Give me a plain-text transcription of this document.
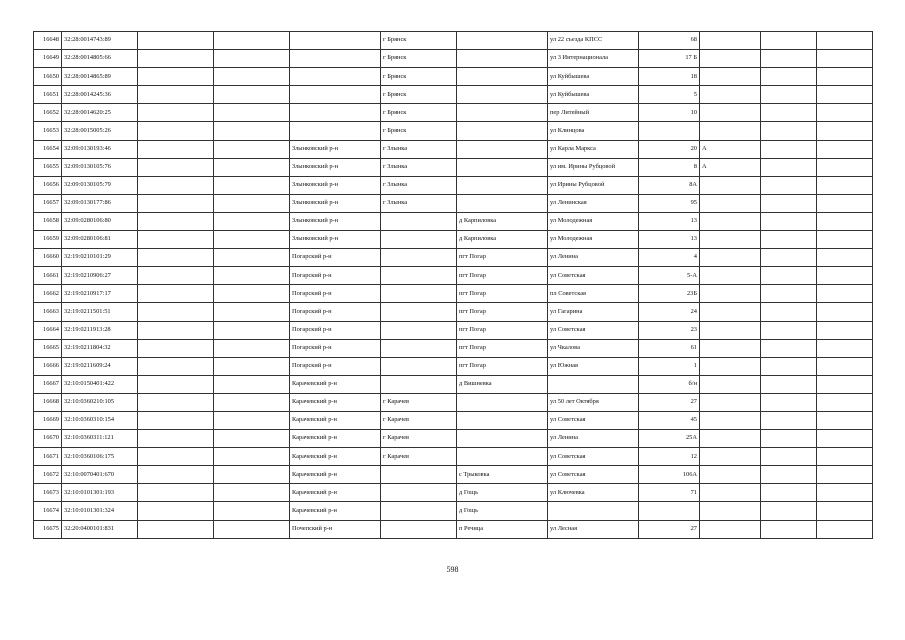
16648	32:28:0014743:89				г Брянск		ул 22 съезда КПСС	68			
16649	32:28:0014805:66				г Брянск		ул 3 Интернационала	17 Б			
16650	32:28:0014865:89				г Брянск		ул Куйбышева	18			
16651	32:28:0014245:36				г Брянск		ул Куйбышева	5			
16652	32:28:0014620:25				г Брянск		пер Литейный	10			
16653	32:28:0015005:26				г Брянск		ул Клинцова				
16654	32:09:0130193:46			Злынковский р-н	г Злынка		ул Карла Маркса	20	А		
16655	32:09:0130105:76			Злынковский р-н	г Злынка		ул им. Ирины Рубцовой	8	А		
16656	32:09:0130105:79			Злынковский р-н	г Злынка		ул Ирины Рубцовой	8А			
16657	32:09:0130177:86			Злынковский р-н	г Злынка		ул Ленинская	95			
16658	32:09:0280106:80			Злынковский р-н		д Карпиловка	ул Молодежная	13			
16659	32:09:0280106:81			Злынковский р-н		д Карпиловка	ул Молодежная	13			
16660	32:19:0210101:29			Погарский р-н		пгт Погар	ул Ленина	4			
16661	32:19:0210906:27			Погарский р-н		пгт Погар	ул Советская	5-А			
16662	32:19:0210917:17			Погарский р-н		пгт Погар	пл Советская	23Б			
16663	32:19:0211501:51			Погарский р-н		пгт Погар	ул Гагарина	24			
16664	32:19:0211913:28			Погарский р-н		пгт Погар	ул Советская	23			
16665	32:19:0211804:32			Погарский р-н		пгт Погар	ул Чкалова	61			
16666	32:19:0211609:24			Погарский р-н		пгт Погар	ул Южная	1			
16667	32:10:0150401:422			Карачевский р-н		д Вишневка		б/н			
16668	32:10:0360210:105			Карачевский р-н	г Карачев		ул 50 лет Октября	27			
16669	32:10:0360310:154			Карачевский р-н	г Карачев		ул Советская	45			
16670	32:10:0360311:121			Карачевский р-н	г Карачев		ул Ленина	25А			
16671	32:10:0360106:175			Карачевский р-н	г Карачев		ул Советская	12			
16672	32:10:0070401:670			Карачевский р-н		с Трыковка	ул Советская	106А			
16673	32:10:0101301:193			Карачевский р-н		д Гощь	ул Ключевка	71			
16674	32:10:0101301:324			Карачевский р-н		д Гощь					
16675	32:20:0400101:831			Почепский р-н		п Речица	ул Лесная	27			
598
